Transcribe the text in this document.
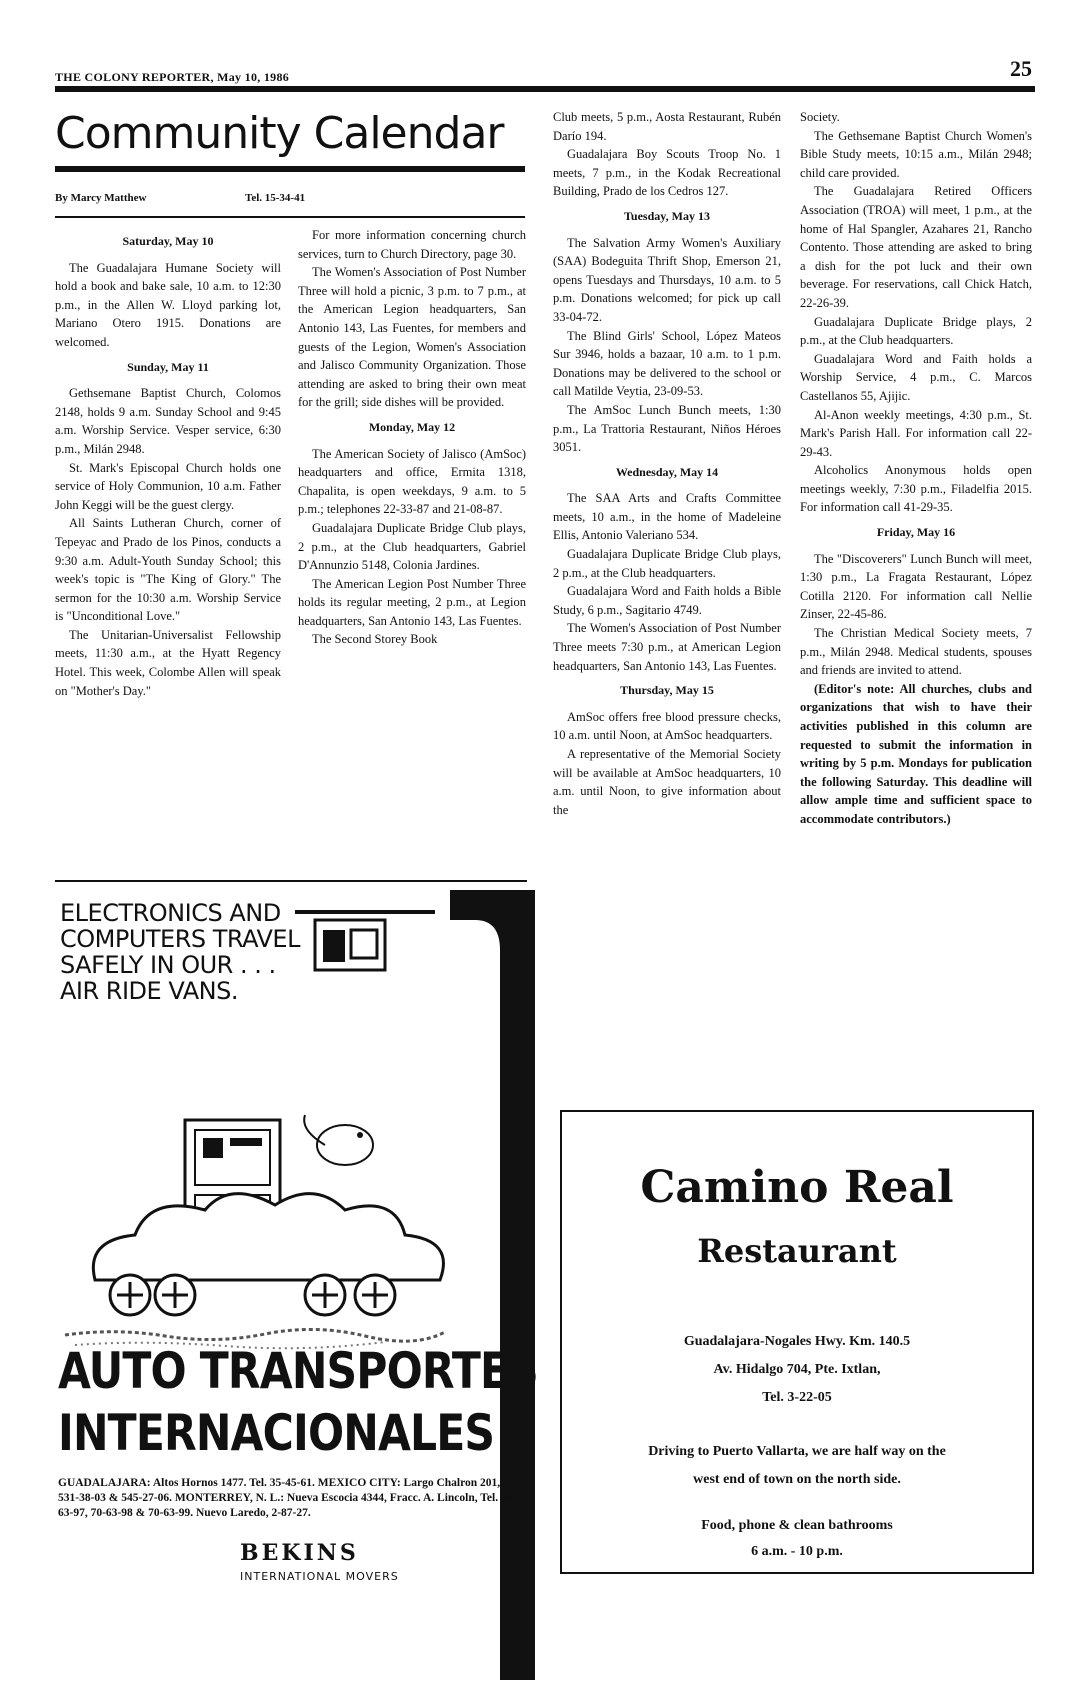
THE COLONY REPORTER, May 10, 1986	25
Community Calendar
By Marcy Matthew	Tel. 15-34-41
Saturday, May 10

The Guadalajara Humane Society will hold a book and bake sale, 10 a.m. to 12:30 p.m., in the Allen W. Lloyd parking lot, Mariano Otero 1915. Donations are welcomed.

Sunday, May 11

Gethsemane Baptist Church, Colomos 2148, holds 9 a.m. Sunday School and 9:45 a.m. Worship Service. Vesper service, 6:30 p.m., Milán 2948.

St. Mark's Episcopal Church holds one service of Holy Communion, 10 a.m. Father John Keggi will be the guest clergy.

All Saints Lutheran Church, corner of Tepeyac and Prado de los Pinos, conducts a 9:30 a.m. Adult-Youth Sunday School; this week's topic is "The King of Glory." The sermon for the 10:30 a.m. Worship Service is "Unconditional Love."

The Unitarian-Universalist Fellowship meets, 11:30 a.m., at the Hyatt Regency Hotel. This week, Colombe Allen will speak on "Mother's Day."

For more information concerning church services, turn to Church Directory, page 30.

The Women's Association of Post Number Three will hold a picnic, 3 p.m. to 7 p.m., at the American Legion headquarters, San Antonio 143, Las Fuentes, for members and guests of the Legion, Women's Association and Jalisco Community Organization. Those attending are asked to bring their own meat for the grill; side dishes will be provided.

Monday, May 12

The American Society of Jalisco (AmSoc) headquarters and office, Ermita 1318, Chapalita, is open weekdays, 9 a.m. to 5 p.m.; telephones 22-33-87 and 21-08-87.

Guadalajara Duplicate Bridge Club plays, 2 p.m., at the Club headquarters, Gabriel D'Annunzio 5148, Colonia Jardines.

The American Legion Post Number Three holds its regular meeting, 2 p.m., at Legion headquarters, San Antonio 143, Las Fuentes.

The Second Storey Book

Club meets, 5 p.m., Aosta Restaurant, Rubén Darío 194.

Guadalajara Boy Scouts Troop No. 1 meets, 7 p.m., in the Kodak Recreational Building, Prado de los Cedros 127.

Tuesday, May 13

The Salvation Army Women's Auxiliary (SAA) Bodeguita Thrift Shop, Emerson 21, opens Tuesdays and Thursdays, 10 a.m. to 5 p.m. Donations welcomed; for pick up call 33-04-72.

The Blind Girls' School, López Mateos Sur 3946, holds a bazaar, 10 a.m. to 1 p.m. Donations may be delivered to the school or call Matilde Veytia, 23-09-53.

The AmSoc Lunch Bunch meets, 1:30 p.m., La Trattoria Restaurant, Niños Héroes 3051.

Wednesday, May 14

The SAA Arts and Crafts Committee meets, 10 a.m., in the home of Madeleine Ellis, Antonio Valeriano 534.

Guadalajara Duplicate Bridge Club plays, 2 p.m., at the Club headquarters.

Guadalajara Word and Faith holds a Bible Study, 6 p.m., Sagitario 4749.

The Women's Association of Post Number Three meets 7:30 p.m., at American Legion headquarters, San Antonio 143, Las Fuentes.

Thursday, May 15

AmSoc offers free blood pressure checks, 10 a.m. until Noon, at AmSoc headquarters.

A representative of the Memorial Society will be available at AmSoc headquarters, 10 a.m. until Noon, to give information about the

Society.

The Gethsemane Baptist Church Women's Bible Study meets, 10:15 a.m., Milán 2948; child care provided.

The Guadalajara Retired Officers Association (TROA) will meet, 1 p.m., at the home of Hal Spangler, Azahares 21, Rancho Contento. Those attending are asked to bring a dish for the pot luck and their own beverage. For reservations, call Chick Hatch, 22-26-39.

Guadalajara Duplicate Bridge plays, 2 p.m., at the Club headquarters.

Guadalajara Word and Faith holds a Worship Service, 4 p.m., C. Marcos Castellanos 55, Ajijic.

Al-Anon weekly meetings, 4:30 p.m., St. Mark's Parish Hall. For information call 22-29-43.

Alcoholics Anonymous holds open meetings weekly, 7:30 p.m., Filadelfia 2015. For information call 41-29-35.

Friday, May 16

The "Discoverers" Lunch Bunch will meet, 1:30 p.m., La Fragata Restaurant, López Cotilla 2120. For information call Nellie Zinser, 22-45-86.

The Christian Medical Society meets, 7 p.m., Milán 2948. Medical students, spouses and friends are invited to attend.

(Editor's note: All churches, clubs and organizations that wish to have their activities published in this column are requested to submit the information in writing by 5 p.m. Mondays for publication the following Saturday. This deadline will allow ample time and sufficient space to accommodate contributors.)

ELECTRONICS AND
COMPUTERS TRAVEL
SAFELY IN OUR . . .
AIR RIDE VANS.
AUTO TRANSPORTES
INTERNACIONALES
GUADALAJARA: Altos Hornos 1477. Tel. 35-45-61. MEXICO CITY: Largo Chalron 201, Tel. 531-38-03 & 545-27-06. MONTERREY, N. L.: Nueva Escocia 4344, Fracc. A. Lincoln, Tel. 70-63-97, 70-63-98 & 70-63-99. Nuevo Laredo, 2-87-27.
BEKINS
INTERNATIONAL MOVERS
Camino Real
Restaurant
Guadalajara-Nogales Hwy. Km. 140.5
Av. Hidalgo 704, Pte. Ixtlan,
Tel. 3-22-05
Driving to Puerto Vallarta, we are half way on the
west end of town on the north side.
Food, phone & clean bathrooms
6 a.m. - 10 p.m.
